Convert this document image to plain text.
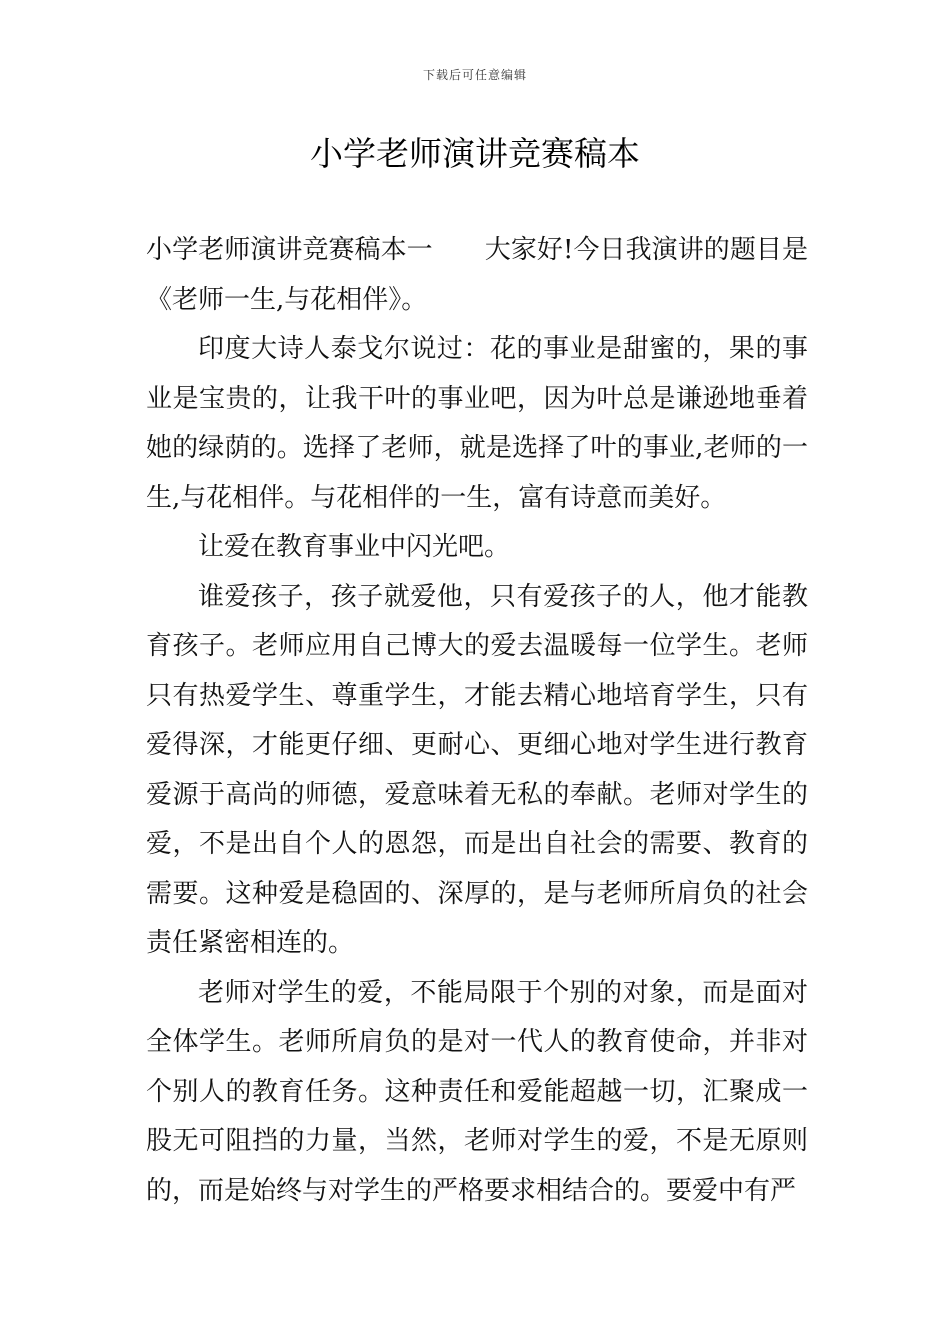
下载后可任意编辑
小学老师演讲竞赛稿本

小学老师演讲竞赛稿本一 大家好!今日我演讲的题目是《老师一生,与花相伴》。

印度大诗人泰戈尔说过：花的事业是甜蜜的，果的事业是宝贵的，让我干叶的事业吧，因为叶总是谦逊地垂着她的绿荫的。选择了老师，就是选择了叶的事业,老师的一生,与花相伴。与花相伴的一生，富有诗意而美好。

让爱在教育事业中闪光吧。

谁爱孩子，孩子就爱他，只有爱孩子的人，他才能教育孩子。老师应用自己博大的爱去温暖每一位学生。老师只有热爱学生、尊重学生，才能去精心地培育学生，只有爱得深，才能更仔细、更耐心、更细心地对学生进行教育爱源于高尚的师德，爱意味着无私的奉献。老师对学生的爱，不是出自个人的恩怨，而是出自社会的需要、教育的需要。这种爱是稳固的、深厚的，是与老师所肩负的社会责任紧密相连的。

老师对学生的爱，不能局限于个别的对象，而是面对全体学生。老师所肩负的是对一代人的教育使命，并非对个别人的教育任务。这种责任和爱能超越一切，汇聚成一股无可阻挡的力量，当然，老师对学生的爱，不是无原则的，而是始终与对学生的严格要求相结合的。要爱中有严
